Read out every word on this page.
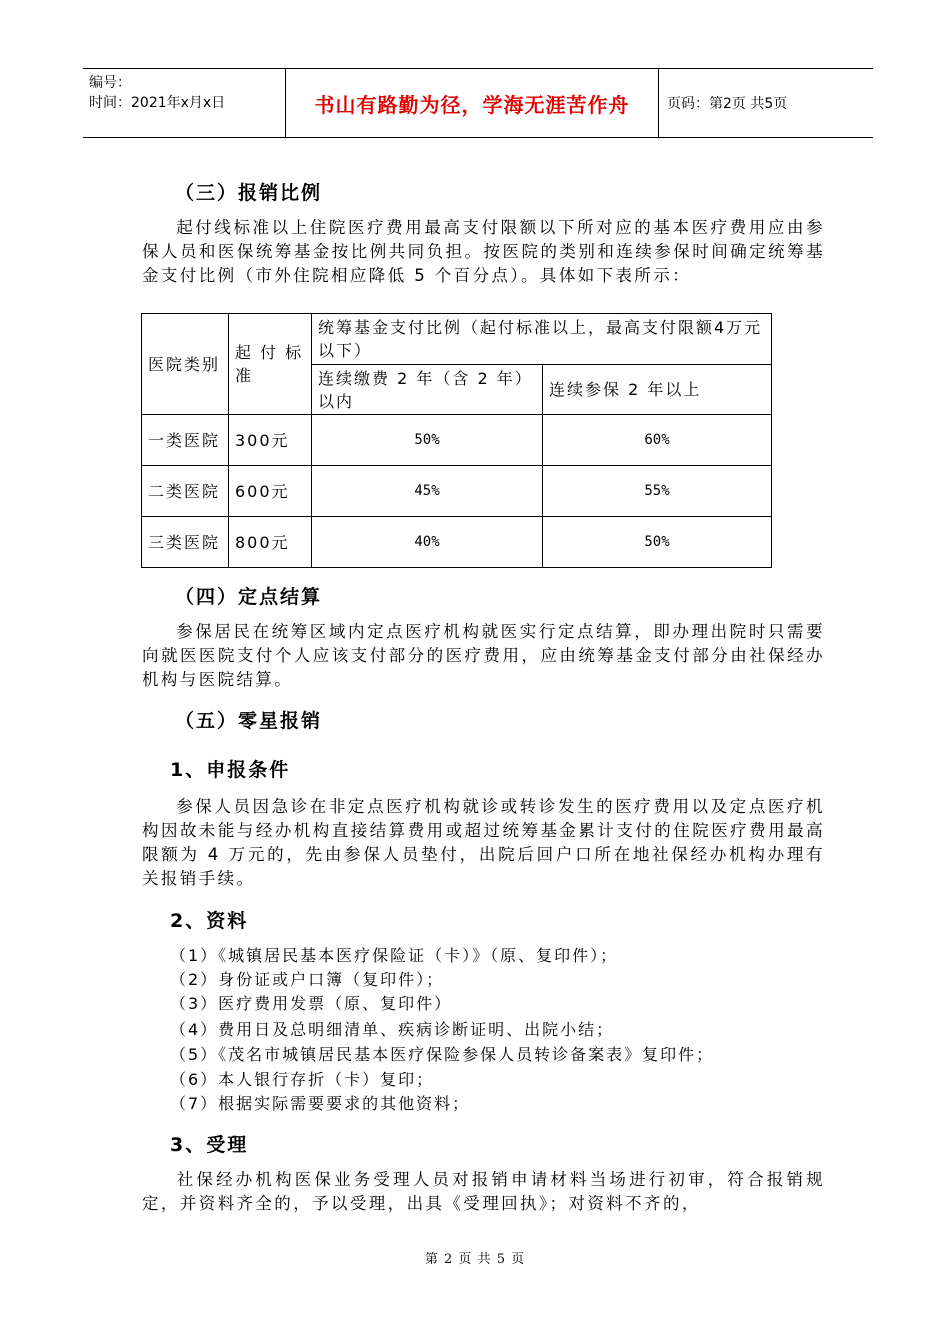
编号：
时间：2021年x月x日	书山有路勤为径，学海无涯苦作舟	页码：第2页 共5页
（三）报销比例
起付线标准以上住院医疗费用最高支付限额以下所对应的基本医疗费用应由参保人员和医保统筹基金按比例共同负担。按医院的类别和连续参保时间确定统筹基金支付比例（市外住院相应降低 5 个百分点）。具体如下表所示：
医院类别	起 付 标 准	统筹基金支付比例（起付标准以上，最高支付限额4万元以下）	
		连续缴费 2 年（含 2 年）以内	连续参保 2 年以上
一类医院	300元	50%	60%
二类医院	600元	45%	55%
三类医院	800元	40%	50%
（四）定点结算
参保居民在统筹区域内定点医疗机构就医实行定点结算，即办理出院时只需要向就医医院支付个人应该支付部分的医疗费用，应由统筹基金支付部分由社保经办机构与医院结算。
（五）零星报销
1、申报条件
参保人员因急诊在非定点医疗机构就诊或转诊发生的医疗费用以及定点医疗机构因故未能与经办机构直接结算费用或超过统筹基金累计支付的住院医疗费用最高限额为 4 万元的，先由参保人员垫付，出院后回户口所在地社保经办机构办理有关报销手续。
2、资料
（1）《城镇居民基本医疗保险证（卡）》（原、复印件）；
（2）身份证或户口簿（复印件）；
（3）医疗费用发票（原、复印件）
（4）费用日及总明细清单、疾病诊断证明、出院小结；
（5）《茂名市城镇居民基本医疗保险参保人员转诊备案表》复印件；
（6）本人银行存折（卡）复印；
（7）根据实际需要要求的其他资料；
3、受理
社保经办机构医保业务受理人员对报销申请材料当场进行初审，符合报销规定，并资料齐全的，予以受理，出具《受理回执》；对资料不齐的，
第 2 页 共 5 页
